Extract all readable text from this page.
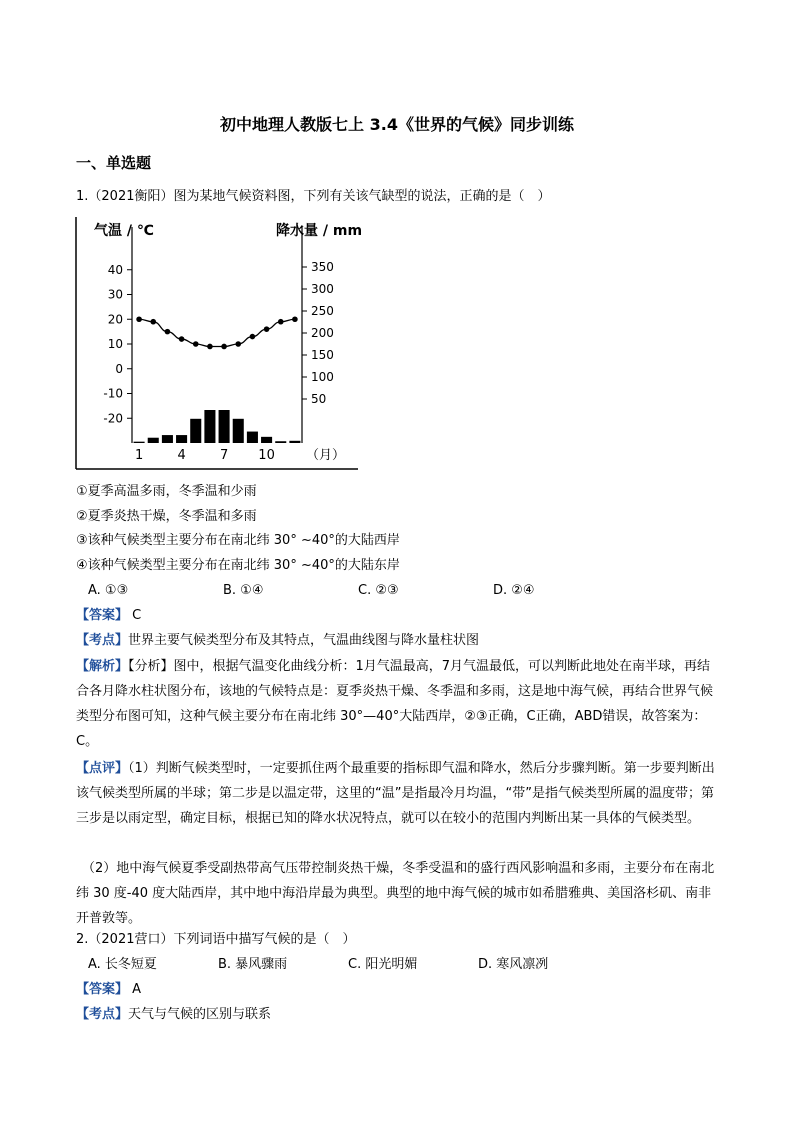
初中地理人教版七上 3.4《世界的气候》同步训练
一、单选题
1.（2021衡阳）图为某地气候资料图，下列有关该气缺型的说法，正确的是（　）
气温 / ℃	降水量 / mm
40
30
20
10
0
-10
-20
350
300
250
200
150
100
50
1	4	7 10 （月）
①夏季高温多雨，冬季温和少雨
②夏季炎热干燥，冬季温和多雨
③该种气候类型主要分布在南北纬 30° ~40°的大陆西岸
④该种气候类型主要分布在南北纬 30° ~40°的大陆东岸
A. ①③	B. ①④	C. ②③	D. ②④
【答案】 C
【考点】世界主要气候类型分布及其特点，气温曲线图与降水量柱状图
【解析】【分析】图中，根据气温变化曲线分析：1月气温最高，7月气温最低，可以判断此地处在南半球，再结合各月降水柱状图分布，该地的气候特点是：夏季炎热干燥、冬季温和多雨，这是地中海气候，再结合世界气候类型分布图可知，这种气候主要分布在南北纬 30°—40°大陆西岸，②③正确，C正确，ABD错误，故答案为：C。
【点评】（1）判断气候类型时，一定要抓住两个最重要的指标即气温和降水，然后分步骤判断。第一步要判断出该气候类型所属的半球；第二步是以温定带，这里的“温”是指最冷月均温，“带”是指气候类型所属的温度带；第三步是以雨定型，确定目标，根据已知的降水状况特点，就可以在较小的范围内判断出某一具体的气候类型。
（2）地中海气候夏季受副热带高气压带控制炎热干燥，冬季受温和的盛行西风影响温和多雨，主要分布在南北纬 30 度-40 度大陆西岸，其中地中海沿岸最为典型。典型的地中海气候的城市如希腊雅典、美国洛杉矶、南非开普敦等。
2.（2021营口）下列词语中描写气候的是（　）
A. 长冬短夏	B. 暴风骤雨	C. 阳光明媚	D. 寒风凛冽
【答案】 A
【考点】天气与气候的区别与联系
